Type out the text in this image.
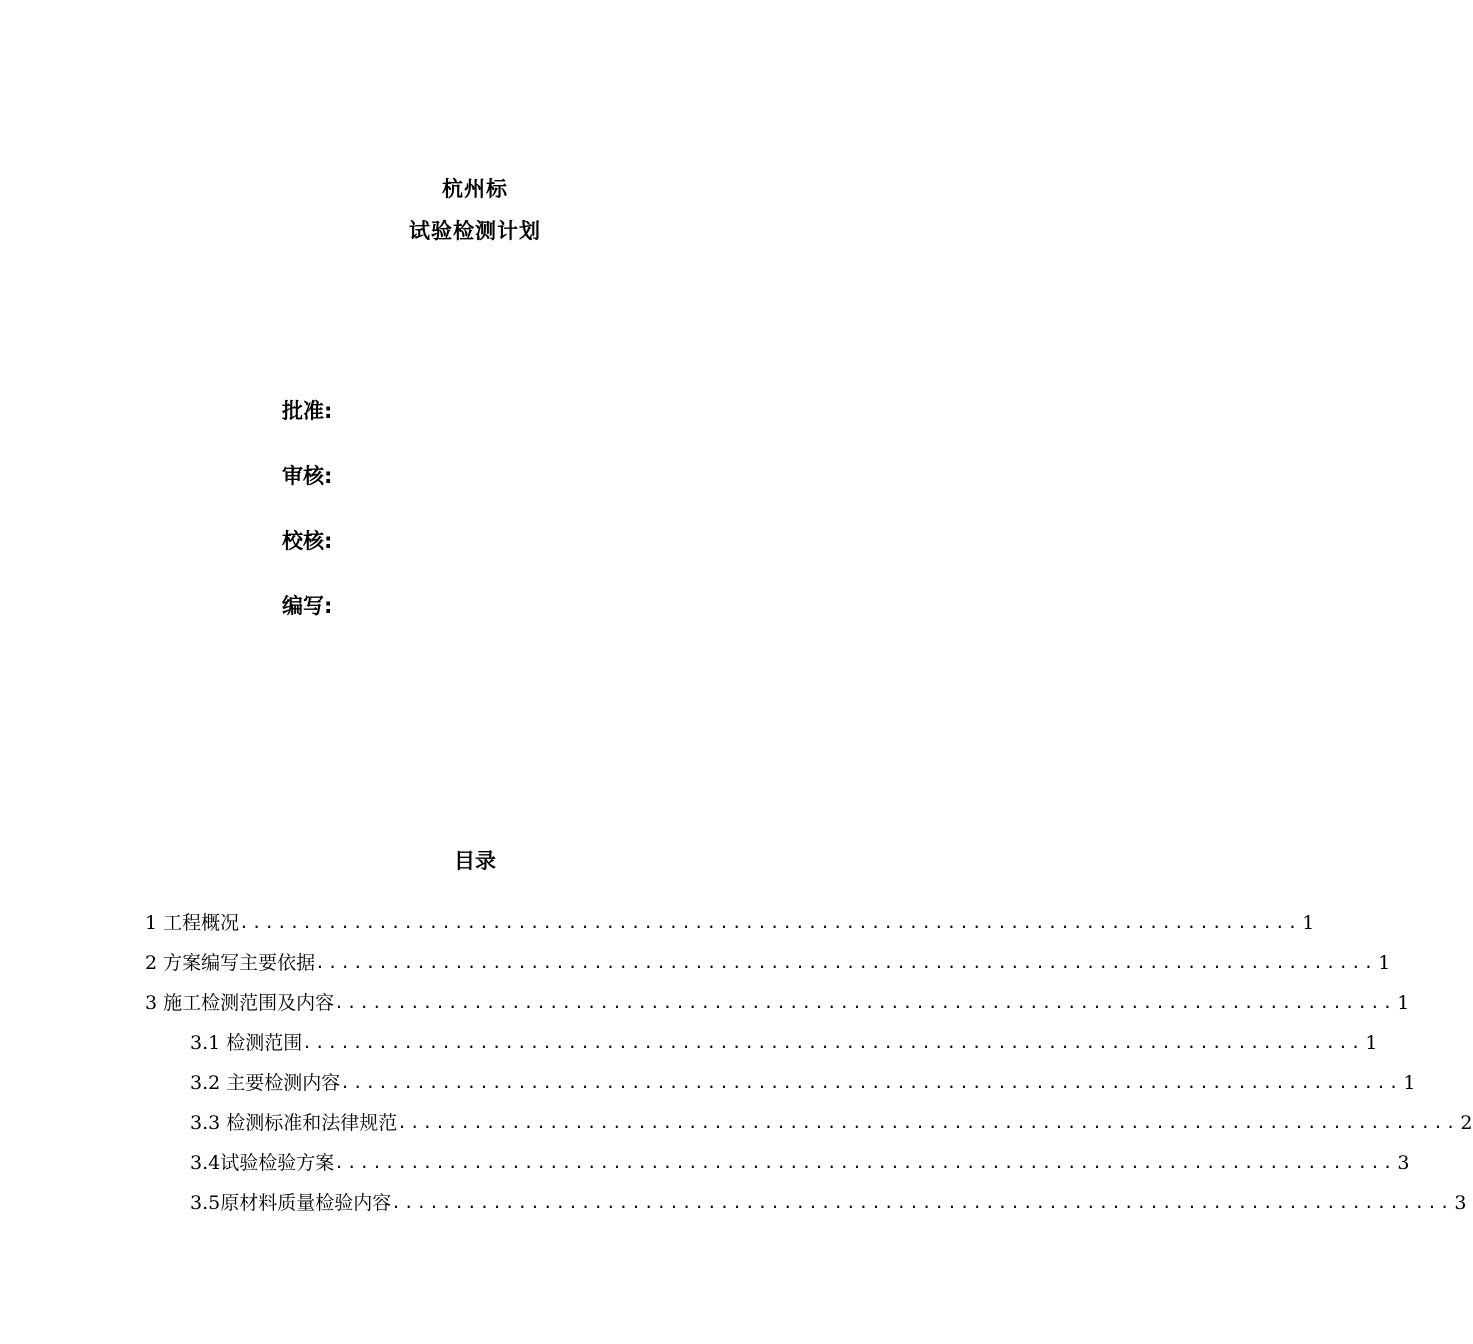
杭州标
试验检测计划
批准:
审核:
校核:
编写:
目录
1 工程概况 .................................................................................... 1
2 方案编写主要依据 .................................................................................... 1
3 施工检测范围及内容 .................................................................................... 1
3.1 检测范围 .................................................................................... 1
3.2 主要检测内容 .................................................................................... 1
3.3 检测标准和法律规范 .................................................................................... 2
3.4试验检验方案 .................................................................................... 3
3.5原材料质量检验内容 .................................................................................... 3
